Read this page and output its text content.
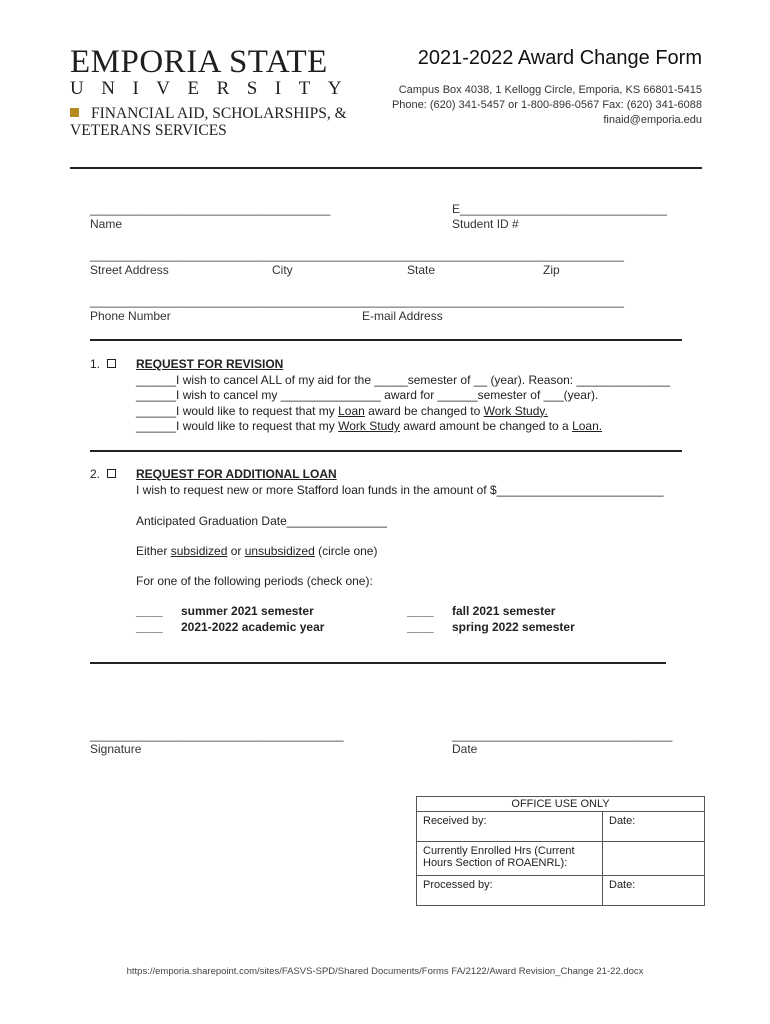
EMPORIA STATE
UNIVERSITY
FINANCIAL AID, SCHOLARSHIPS, &
VETERANS SERVICES
2021-2022 Award Change Form
Campus Box 4038, 1 Kellogg Circle, Emporia, KS 66801-5415
Phone: (620) 341-5457 or 1-800-896-0567 Fax: (620) 341-6088
finaid@emporia.edu
____________________________________
Name
E_______________________________
Student ID #
________________________________________________________________________________
Street Address	City	State	Zip
________________________________________________________________________________
Phone Number	E-mail Address
1.	REQUEST FOR REVISION
______I wish to cancel ALL of my aid for the _____semester of __ (year). Reason: ______________
______I wish to cancel my _______________ award for ______semester of ___(year).
______I would like to request that my Loan award be changed to Work Study.
______I would like to request that my Work Study award amount be changed to a Loan.
2.	REQUEST FOR ADDITIONAL LOAN
I wish to request new or more Stafford loan funds in the amount of $_________________________
Anticipated Graduation Date_______________
Either subsidized or unsubsidized (circle one)
For one of the following periods (check one):
____ summer 2021 semester
____ 2021-2022 academic year
____ fall 2021 semester
____ spring 2022 semester
______________________________________
Signature
_________________________________
Date
OFFICE USE ONLY	
Received by:	Date:
Currently Enrolled Hrs (Current Hours Section of ROAENRL):	
Processed by:	Date:
https://emporia.sharepoint.com/sites/FASVS-SPD/Shared Documents/Forms FA/2122/Award Revision_Change 21-22.docx
